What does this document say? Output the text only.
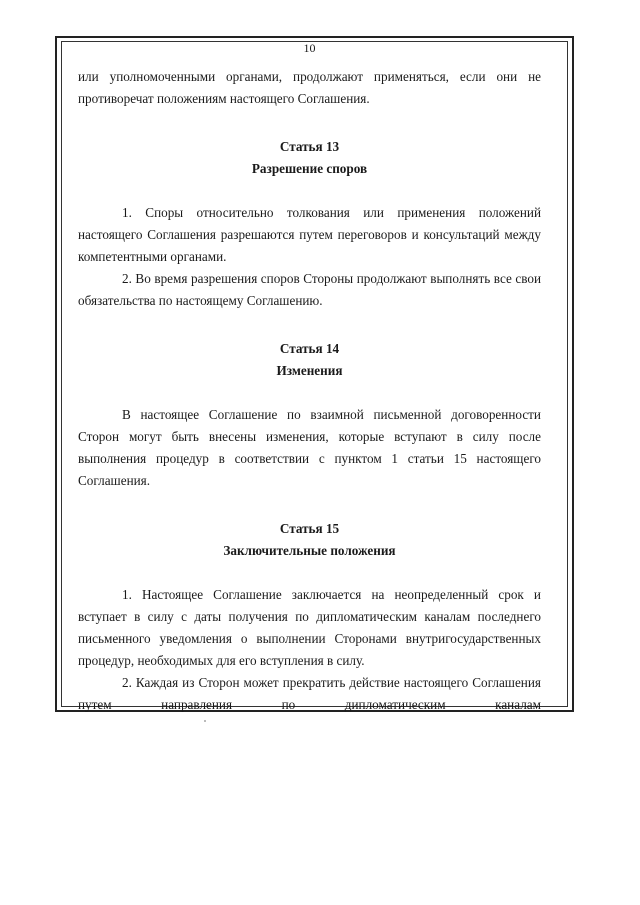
10

или уполномоченными органами, продолжают применяться, если они не

противоречат положениям настоящего Соглашения.

Статья 13

Разрешение споров

1. Споры относительно толкования или применения положений настоящего Соглашения разрешаются путем переговоров и консультаций между компетентными органами.

2. Во время разрешения споров Стороны продолжают выполнять все свои обязательства по настоящему Соглашению.

Статья 14

Изменения

В настоящее Соглашение по взаимной письменной договоренности Сторон могут быть внесены изменения, которые вступают в силу после выполнения процедур в соответствии с пунктом 1 статьи 15 настоящего Соглашения.

Статья 15

Заключительные положения

1. Настоящее Соглашение заключается на неопределенный срок и вступает в силу с даты получения по дипломатическим каналам последнего письменного уведомления о выполнении Сторонами внутригосударственных процедур, необходимых для его вступления в силу.

2. Каждая из Сторон может прекратить действие настоящего Соглашения путем направления по дипломатическим каналам
